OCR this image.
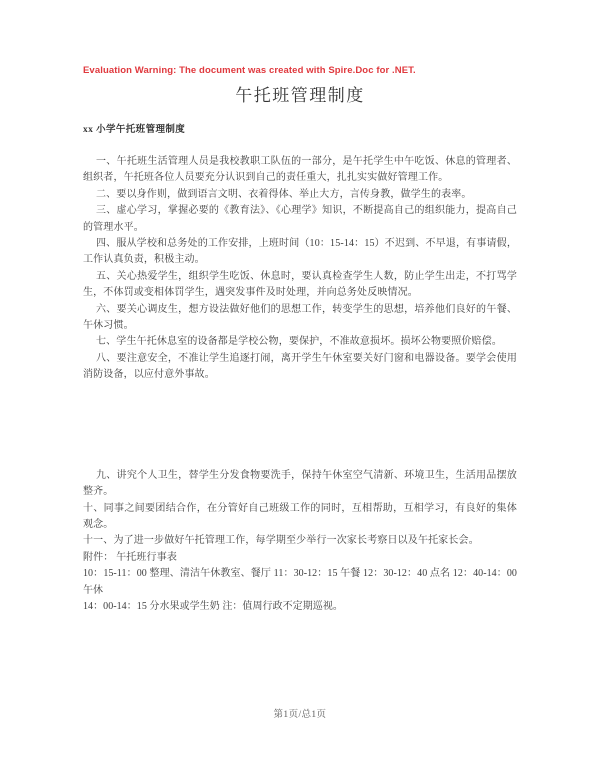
Evaluation Warning: The document was created with Spire.Doc for .NET.
午托班管理制度
xx 小学午托班管理制度

一、午托班生活管理人员是我校教职工队伍的一部分，是午托学生中午吃饭、休息的管理者、组织者，午托班各位人员要充分认识到自己的责任重大，扎扎实实做好管理工作。

二、要以身作则，做到语言文明、衣着得体、举止大方，言传身教，做学生的表率。

三、虚心学习，掌握必要的《教育法》、《心理学》知识，不断提高自己的组织能力，提高自己的管理水平。

四、服从学校和总务处的工作安排，上班时间（10：15-14：15）不迟到、不早退，有事请假，工作认真负责，积极主动。

五、关心热爱学生，组织学生吃饭、休息时，要认真检查学生人数，防止学生出走，不打骂学生，不体罚或变相体罚学生，遇突发事件及时处理，并向总务处反映情况。

六、要关心调皮生，想方设法做好他们的思想工作，转变学生的思想，培养他们良好的午餐、午休习惯。

七、学生午托休息室的设备都是学校公物，要保护，不准故意损坏。损坏公物要照价赔偿。

八、要注意安全，不准让学生追逐打闹，离开学生午休室要关好门窗和电器设备。要学会使用消防设备，以应付意外事故。

九、讲究个人卫生，替学生分发食物要洗手，保持午休室空气清新、环境卫生，生活用品摆放整齐。

十、同事之间要团结合作，在分管好自己班级工作的同时，互相帮助，互相学习，有良好的集体观念。

十一、为了进一步做好午托管理工作，每学期至少举行一次家长考察日以及午托家长会。

附件： 午托班行事表

10：15-11：00 整理、清洁午休教室、餐厅 11：30-12：15 午餐 12：30-12：40 点名 12：40-14：00 午休

14：00-14：15 分水果或学生奶 注：值周行政不定期巡视。

第1页/总1页
